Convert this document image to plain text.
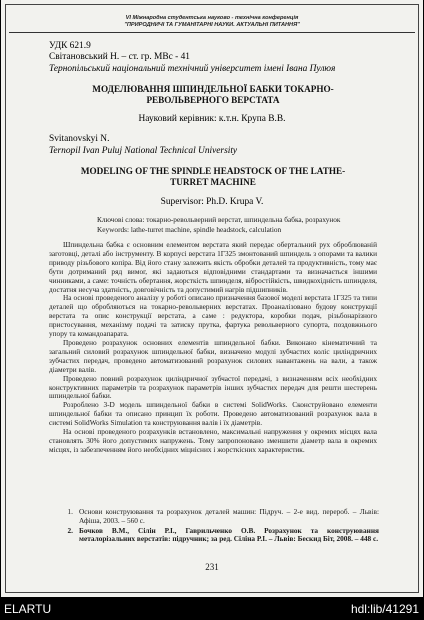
VI Міжнародна студентська науково - технічна конференція
"ПРИРОДНИЧІ ТА ГУМАНІТАРНІ НАУКИ. АКТУАЛЬНІ ПИТАННЯ"
УДК 621.9
Світановський Н. – ст. гр. МВс - 41
Тернопільський національний технічний університет імені Івана Пулюя
МОДЕЛЮВАННЯ ШПИНДЕЛЬНОЇ БАБКИ ТОКАРНО-
РЕВОЛЬВЕРНОГО ВЕРСТАТА
Науковий керівник: к.т.н. Крупа В.В.
Svitanovskyi N.
Ternopil Ivan Puluj National Technical University
MODELING OF THE SPINDLE HEADSTOCK OF THE LATHE-
TURRET MACHINE
Supervisor: Ph.D. Krupa V.
Ключові слова: токарно-револьверний верстат, шпиндельна бабка, розрахунок
Keywords: lathe-turret machine, spindle headstock, calculation

Шпиндельна бабка є основним елементом верстата який передає обертальний рух оброблюваній заготовці, деталі або інструменту. В корпусі верстата 1Г325 змонтований шпиндель з опорами та валики приводу різьбового копіра. Від його стану залежить якість обробки деталей та продуктивність, тому має бути дотриманий ряд вимог, які задаються відповідними стандартами та визначається іншими чинниками, а саме: точність обертання, жорсткість шпинделя, вібростійкість, швидкохідність шпинделя, достатня несуча здатність, довговічність та допустимий нагрів підшипників.

На основі проведеного аналізу у роботі описано призначення базової моделі верстата 1Г325 та типи деталей що обробляються на токарно-револьверних верстатах. Проаналізовано будову конструкції верстата та опис конструкції верстата, а саме : редуктора, коробки подач, різьбонарізного пристосування, механізму подачі та затиску прутка, фартука револьверного супорта, поздовжнього упору та командоапарата.

Проведено розрахунок основних елементів шпиндельної бабки. Виконано кінематичний та загальний силовий розрахунок шпиндельної бабки, визначено модулі зубчастих коліс циліндричних зубчастих передач, проведено автоматизований розрахунок силових навантажень на вали, а також діаметри валів.

Проведено повний розрахунок циліндричної зубчастої передачі, з визначенням всіх необхідних конструктивних параметрів та розрахунок параметрів інших зубчастих передач для решти шестерень шпиндельної бабки.

Розроблено 3-D модель шпиндельної бабки в системі SolidWorks. Сконструйовано елементи шпиндельної бабки та описано принцип їх роботи. Проведено автоматизований розрахунок вала в системі SolidWorks Simulation та конструювання валів і їх діаметрів.

На основі проведеного розрахунків встановлено, максимальні напруження у окремих місцях вала становлять 30% його допустимих напружень. Тому запропоновано зменшити діаметр вала в окремих місцях, із забезпеченням його необхідних міцнісних і жорсткісних характеристик.

1. Основи конструювання та розрахунок деталей машин: Підруч. – 2-е вид. переpoб. – Львів: Афіша, 2003. – 560 с.
2. Бочков В.М., Сілін Р.І., Гаврильченко О.В. Розрахунок та конструювання металорізальних верстатів: підручник; за ред. Сіліна Р.І. – Львів: Бескид Біт, 2008. – 448 с.
231
ELARTU	hdl:lib/41291
